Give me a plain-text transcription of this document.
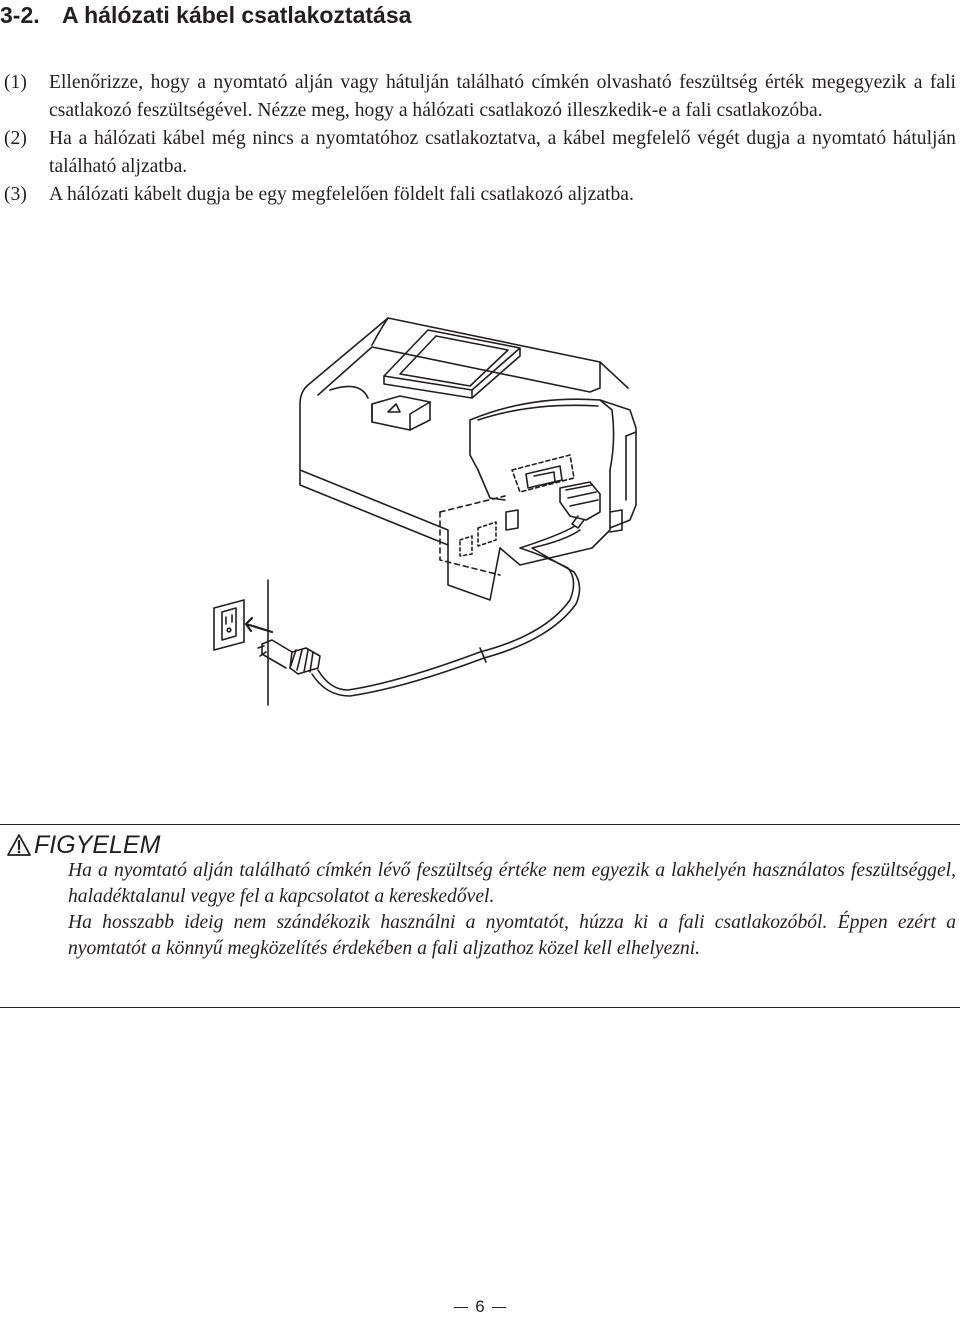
3-2. A hálózati kábel csatlakoztatása
(1)	Ellenőrizze, hogy a nyomtató alján vagy hátulján található címkén olvasható feszültség érték megegyezik a fali csatlakozó feszültségével. Nézze meg, hogy a hálózati csatlakozó illeszkedik-e a fali csatlakozóba.
(2)	Ha a hálózati kábel még nincs a nyomtatóhoz csatlakoztatva, a kábel megfelelő végét dugja a nyomtató hátulján található aljzatba.
(3)	A hálózati kábelt dugja be egy megfelelően földelt fali csatlakozó aljzatba.
FIGYELEM

Ha a nyomtató alján található címkén lévő feszültség értéke nem egyezik a lakhelyén használatos feszültséggel, haladéktalanul vegye fel a kapcsolatot a kereskedővel.

Ha hosszabb ideig nem szándékozik használni a nyomtatót, húzza ki a fali csatlakozóból. Éppen ezért a nyomtatót a könnyű megközelítés érdekében a fali aljzathoz közel kell elhelyezni.

6
